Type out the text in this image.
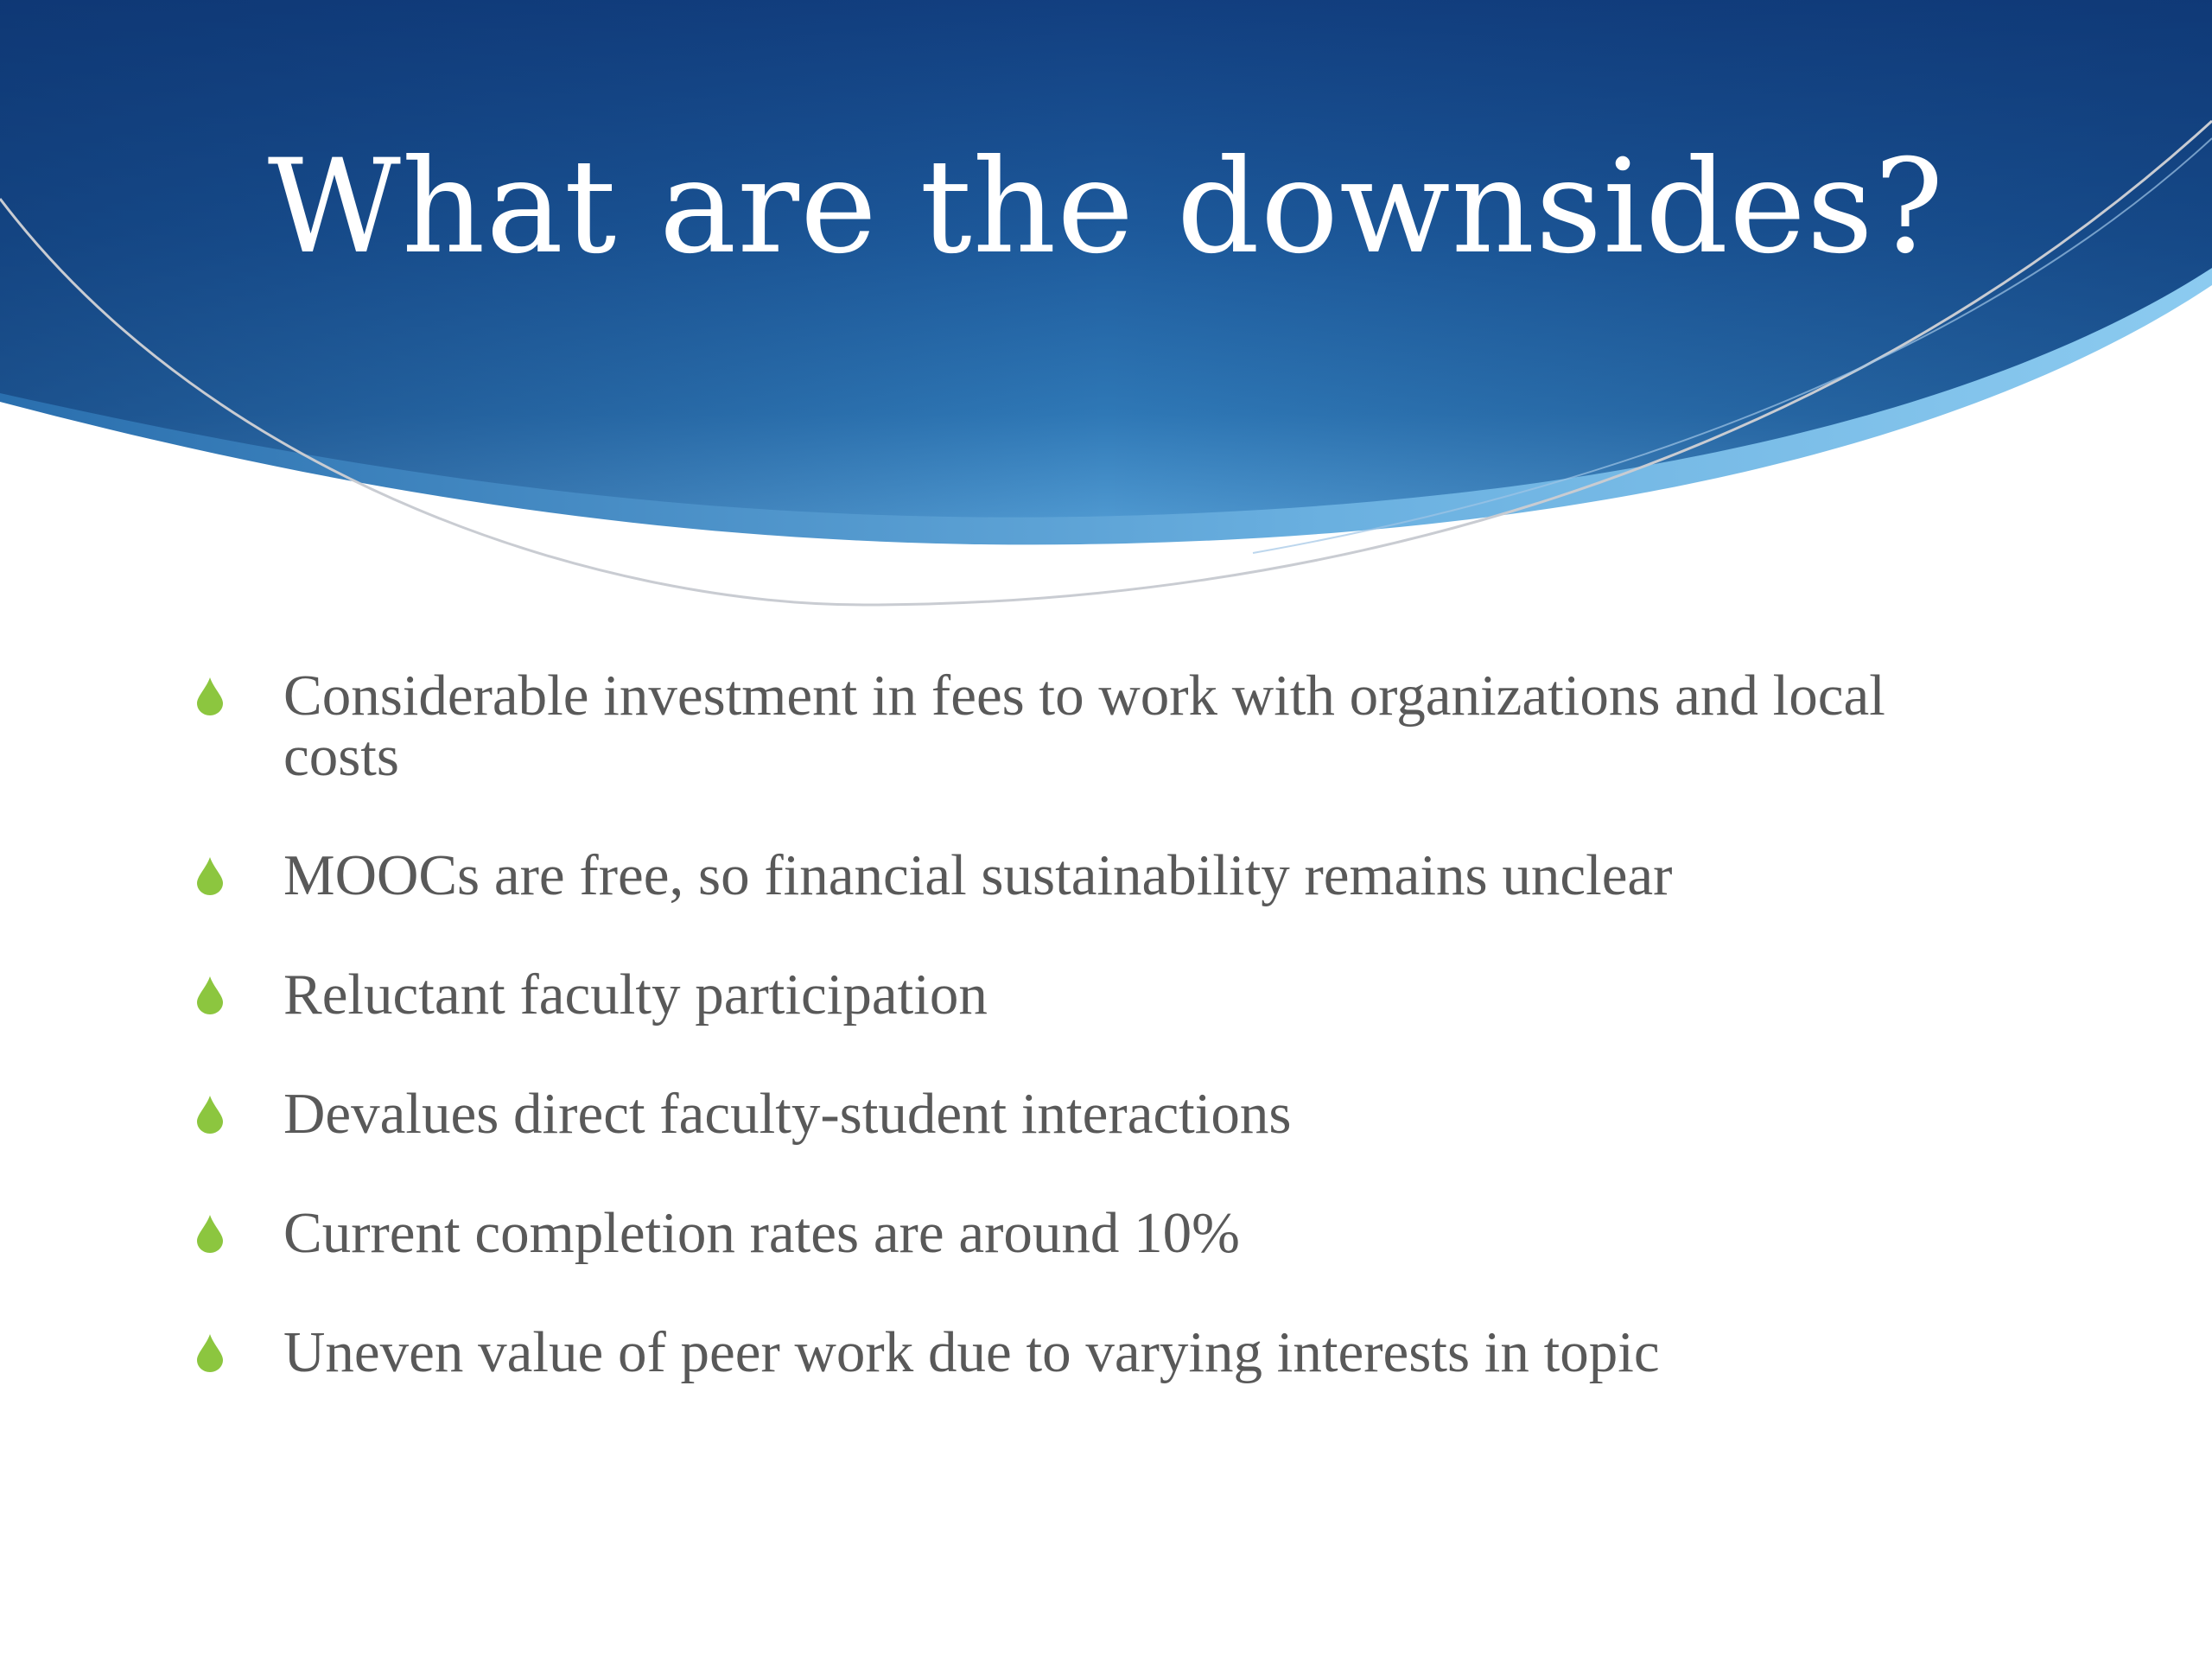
What are the downsides?
Considerable investment in fees to work with organizations and local costs
MOOCs are free, so financial sustainability remains unclear
Reluctant faculty participation
Devalues direct faculty-student interactions
Current completion rates are around 10%
Uneven value of peer work due to varying interests in topic
